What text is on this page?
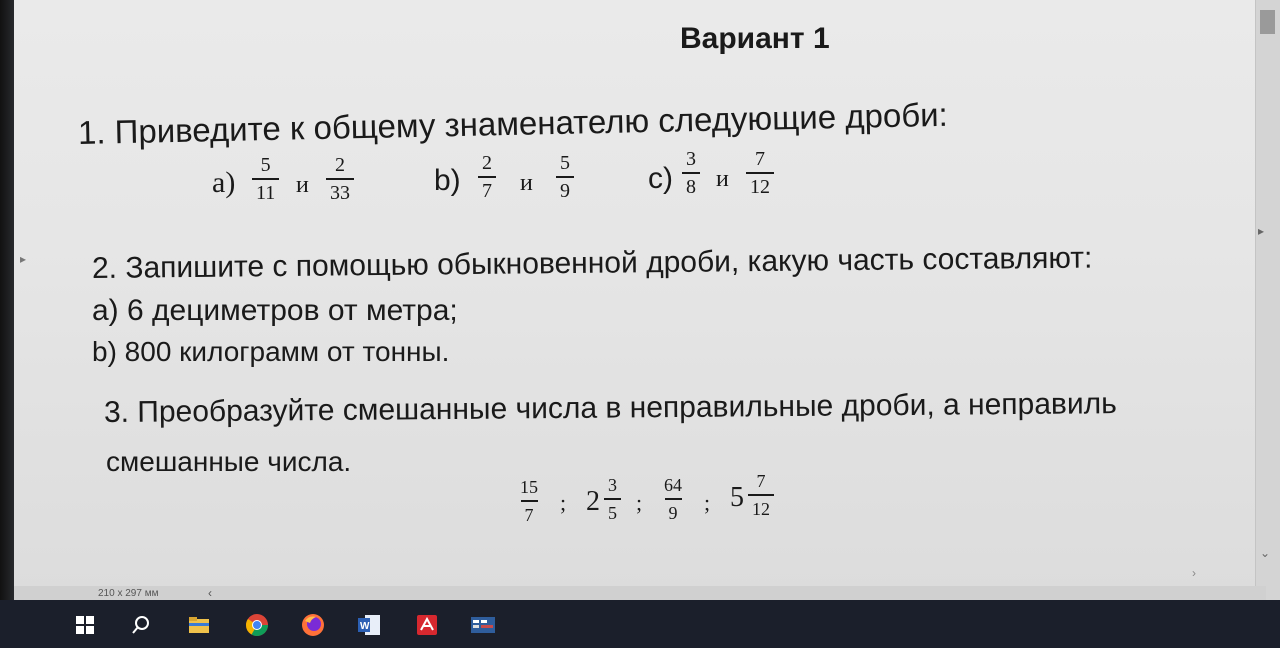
⌄
▸
▸
Вариант 1
1. Приведите к общему знаменателю следующие дроби:
$a) \frac{5}{11}$ и $\frac{2}{33}$	$b) \frac{2}{7}$ и $\frac{5}{9} c) \frac{3}{8}$ и $\frac{7}{12}$
2. Запишите с помощью обыкновенной дроби, какую часть составляют:
а) 6 дециметров от метра;
b) 800 килограмм от тонны.
3. Преобразуйте смешанные числа в неправильные дроби, а неправиль
смешанные числа.
$\frac{15}{7}$ ; $2 \frac{3}{5}$ ; $\frac{64}{9}$ ; $5 \frac{7}{12}$
210 x 297 мм	‹
›
W
